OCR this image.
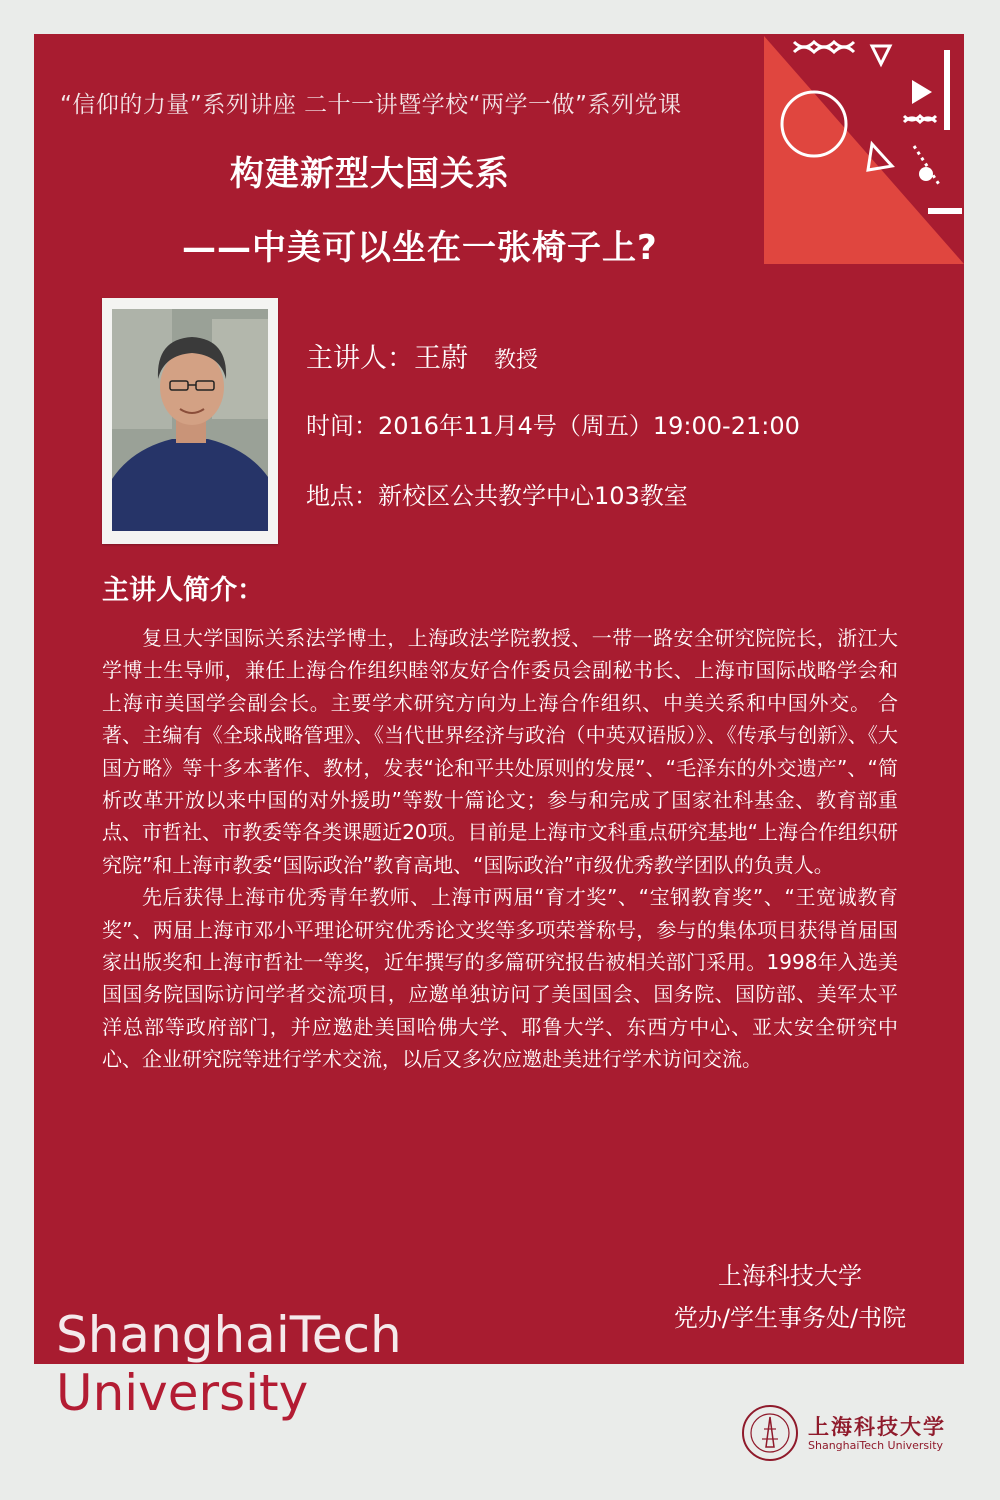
“信仰的力量”系列讲座 二十一讲暨学校“两学一做”系列党课
构建新型大国关系
——中美可以坐在一张椅子上?
主讲人：王蔚 教授
时间：2016年11月4号（周五）19:00-21:00
地点：新校区公共教学中心103教室
主讲人简介：

复旦大学国际关系法学博士，上海政法学院教授、一带一路安全研究院院长，浙江大学博士生导师，兼任上海合作组织睦邻友好合作委员会副秘书长、上海市国际战略学会和上海市美国学会副会长。主要学术研究方向为上海合作组织、中美关系和中国外交。 合著、主编有《全球战略管理》、《当代世界经济与政治（中英双语版）》、《传承与创新》、《大国方略》等十多本著作、教材，发表“论和平共处原则的发展”、“毛泽东的外交遗产”、“简析改革开放以来中国的对外援助”等数十篇论文；参与和完成了国家社科基金、教育部重点、市哲社、市教委等各类课题近20项。目前是上海市文科重点研究基地“上海合作组织研究院”和上海市教委“国际政治”教育高地、“国际政治”市级优秀教学团队的负责人。

先后获得上海市优秀青年教师、上海市两届“育才奖”、“宝钢教育奖”、“王宽诚教育奖”、两届上海市邓小平理论研究优秀论文奖等多项荣誉称号，参与的集体项目获得首届国家出版奖和上海市哲社一等奖，近年撰写的多篇研究报告被相关部门采用。1998年入选美国国务院国际访问学者交流项目，应邀单独访问了美国国会、国务院、国防部、美军太平洋总部等政府部门，并应邀赴美国哈佛大学、耶鲁大学、东西方中心、亚太安全研究中心、企业研究院等进行学术交流，以后又多次应邀赴美进行学术访问交流。

上海科技大学
党办/学生事务处/书院
ShanghaiTech
University
上海科技大学
ShanghaiTech University
